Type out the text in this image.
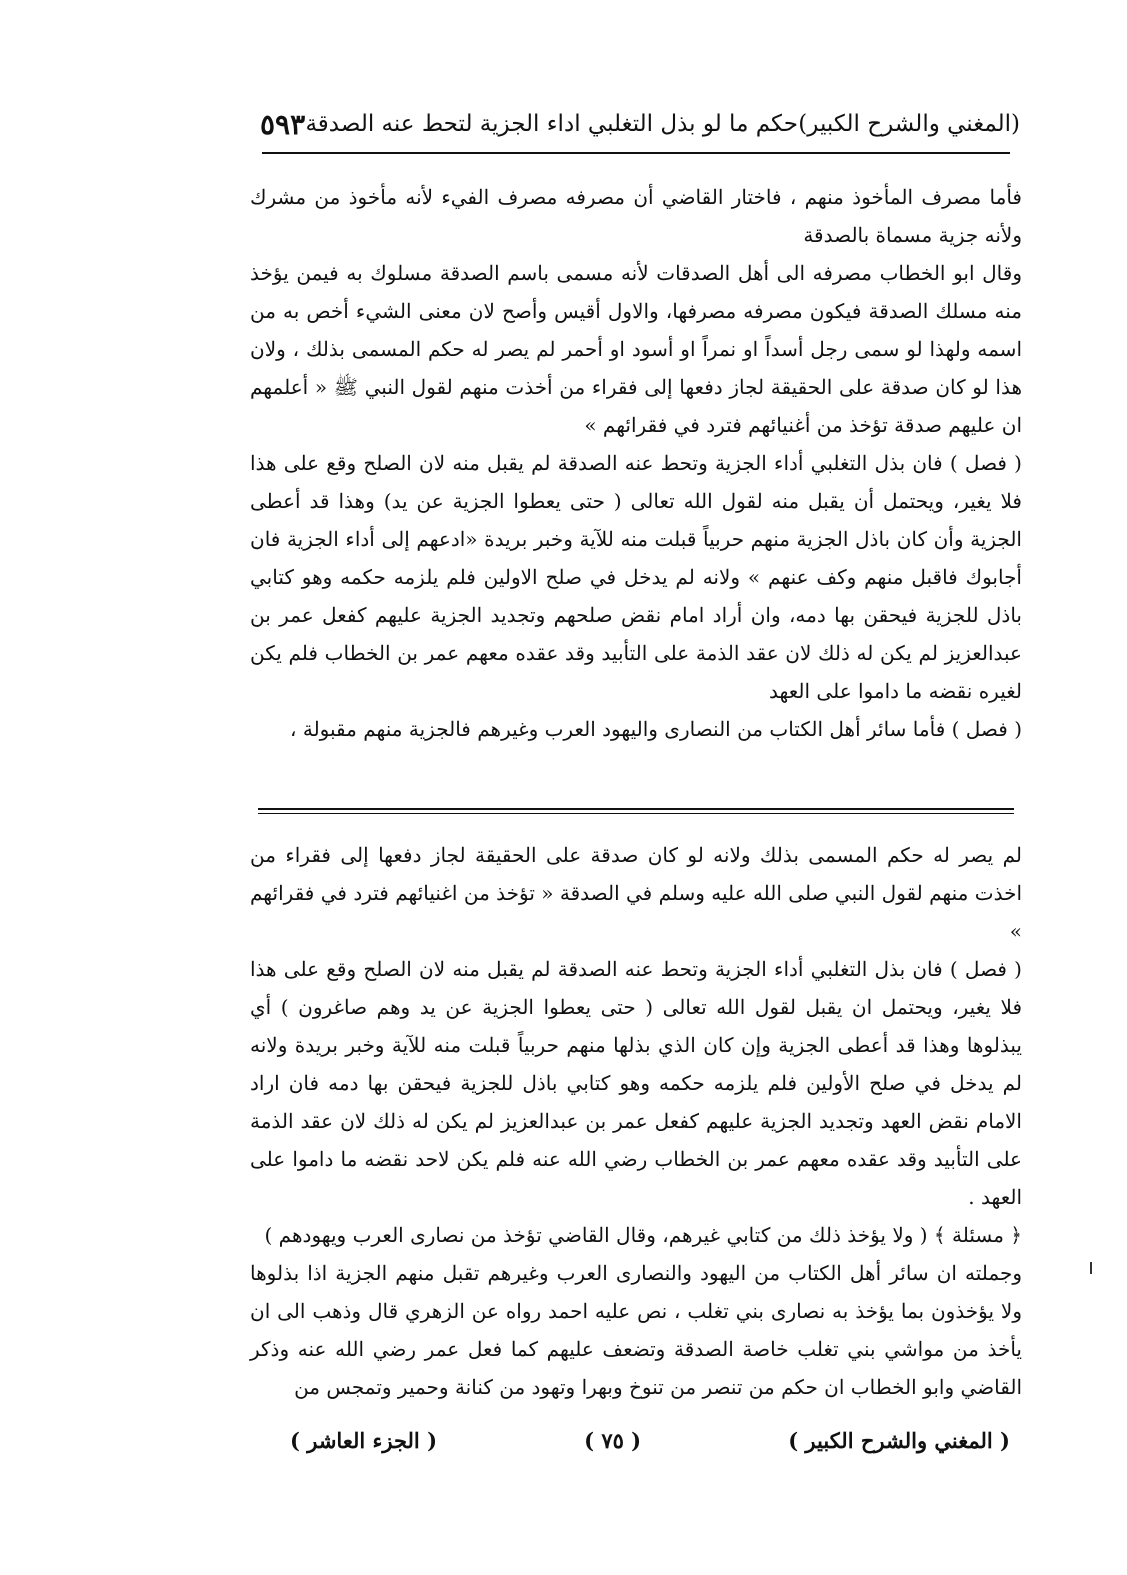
(المغني والشرح الكبير)
حكم ما لو بذل التغلبي اداء الجزية لتحط عنه الصدقة
٥٩٣

فأما مصرف المأخوذ منهم ، فاختار القاضي أن مصرفه مصرف الفيء لأنه مأخوذ من مشرك ولأنه جزية مسماة بالصدقة

وقال ابو الخطاب مصرفه الى أهل الصدقات لأنه مسمى باسم الصدقة مسلوك به فيمن يؤخذ منه مسلك الصدقة فيكون مصرفه مصرفها، والاول أقيس وأصح لان معنى الشيء أخص به من اسمه ولهذا لو سمى رجل أسداً او نمراً او أسود او أحمر لم يصر له حكم المسمى بذلك ، ولان هذا لو كان صدقة على الحقيقة لجاز دفعها إلى فقراء من أخذت منهم لقول النبي ﷺ « أعلمهم ان عليهم صدقة تؤخذ من أغنيائهم فترد في فقرائهم »

( فصل ) فان بذل التغلبي أداء الجزية وتحط عنه الصدقة لم يقبل منه لان الصلح وقع على هذا فلا يغير، ويحتمل أن يقبل منه لقول الله تعالى ( حتى يعطوا الجزية عن يد) وهذا قد أعطى الجزية وأن كان باذل الجزية منهم حربياً قبلت منه للآية وخبر بريدة «ادعهم إلى أداء الجزية فان أجابوك فاقبل منهم وكف عنهم » ولانه لم يدخل في صلح الاولين فلم يلزمه حكمه وهو كتابي باذل للجزية فيحقن بها دمه، وان أراد امام نقض صلحهم وتجديد الجزية عليهم كفعل عمر بن عبدالعزيز لم يكن له ذلك لان عقد الذمة على التأبيد وقد عقده معهم عمر بن الخطاب فلم يكن لغيره نقضه ما داموا على العهد

( فصل ) فأما سائر أهل الكتاب من النصارى واليهود العرب وغيرهم فالجزية منهم مقبولة ،

لم يصر له حكم المسمى بذلك ولانه لو كان صدقة على الحقيقة لجاز دفعها إلى فقراء من اخذت منهم لقول النبي صلى الله عليه وسلم في الصدقة « تؤخذ من اغنيائهم فترد في فقرائهم »

( فصل ) فان بذل التغلبي أداء الجزية وتحط عنه الصدقة لم يقبل منه لان الصلح وقع على هذا فلا يغير، ويحتمل ان يقبل لقول الله تعالى ( حتى يعطوا الجزية عن يد وهم صاغرون ) أي يبذلوها وهذا قد أعطى الجزية وإن كان الذي بذلها منهم حربياً قبلت منه للآية وخبر بريدة ولانه لم يدخل في صلح الأولين فلم يلزمه حكمه وهو كتابي باذل للجزية فيحقن بها دمه فان اراد الامام نقض العهد وتجديد الجزية عليهم كفعل عمر بن عبدالعزيز لم يكن له ذلك لان عقد الذمة على التأبيد وقد عقده معهم عمر بن الخطاب رضي الله عنه فلم يكن لاحد نقضه ما داموا على العهد .

﴿ مسئلة ﴾ ( ولا يؤخذ ذلك من كتابي غيرهم، وقال القاضي تؤخذ من نصارى العرب ويهودهم )

وجملته ان سائر أهل الكتاب من اليهود والنصارى العرب وغيرهم تقبل منهم الجزية اذا بذلوها ولا يؤخذون بما يؤخذ به نصارى بني تغلب ، نص عليه احمد رواه عن الزهري قال وذهب الى ان يأخذ من مواشي بني تغلب خاصة الصدقة وتضعف عليهم كما فعل عمر رضي الله عنه وذكر القاضي وابو الخطاب ان حكم من تنصر من تنوخ وبهرا وتهود من كنانة وحمير وتمجس من

( المغني والشرح الكبير )
( ٧٥ )
( الجزء العاشر )
